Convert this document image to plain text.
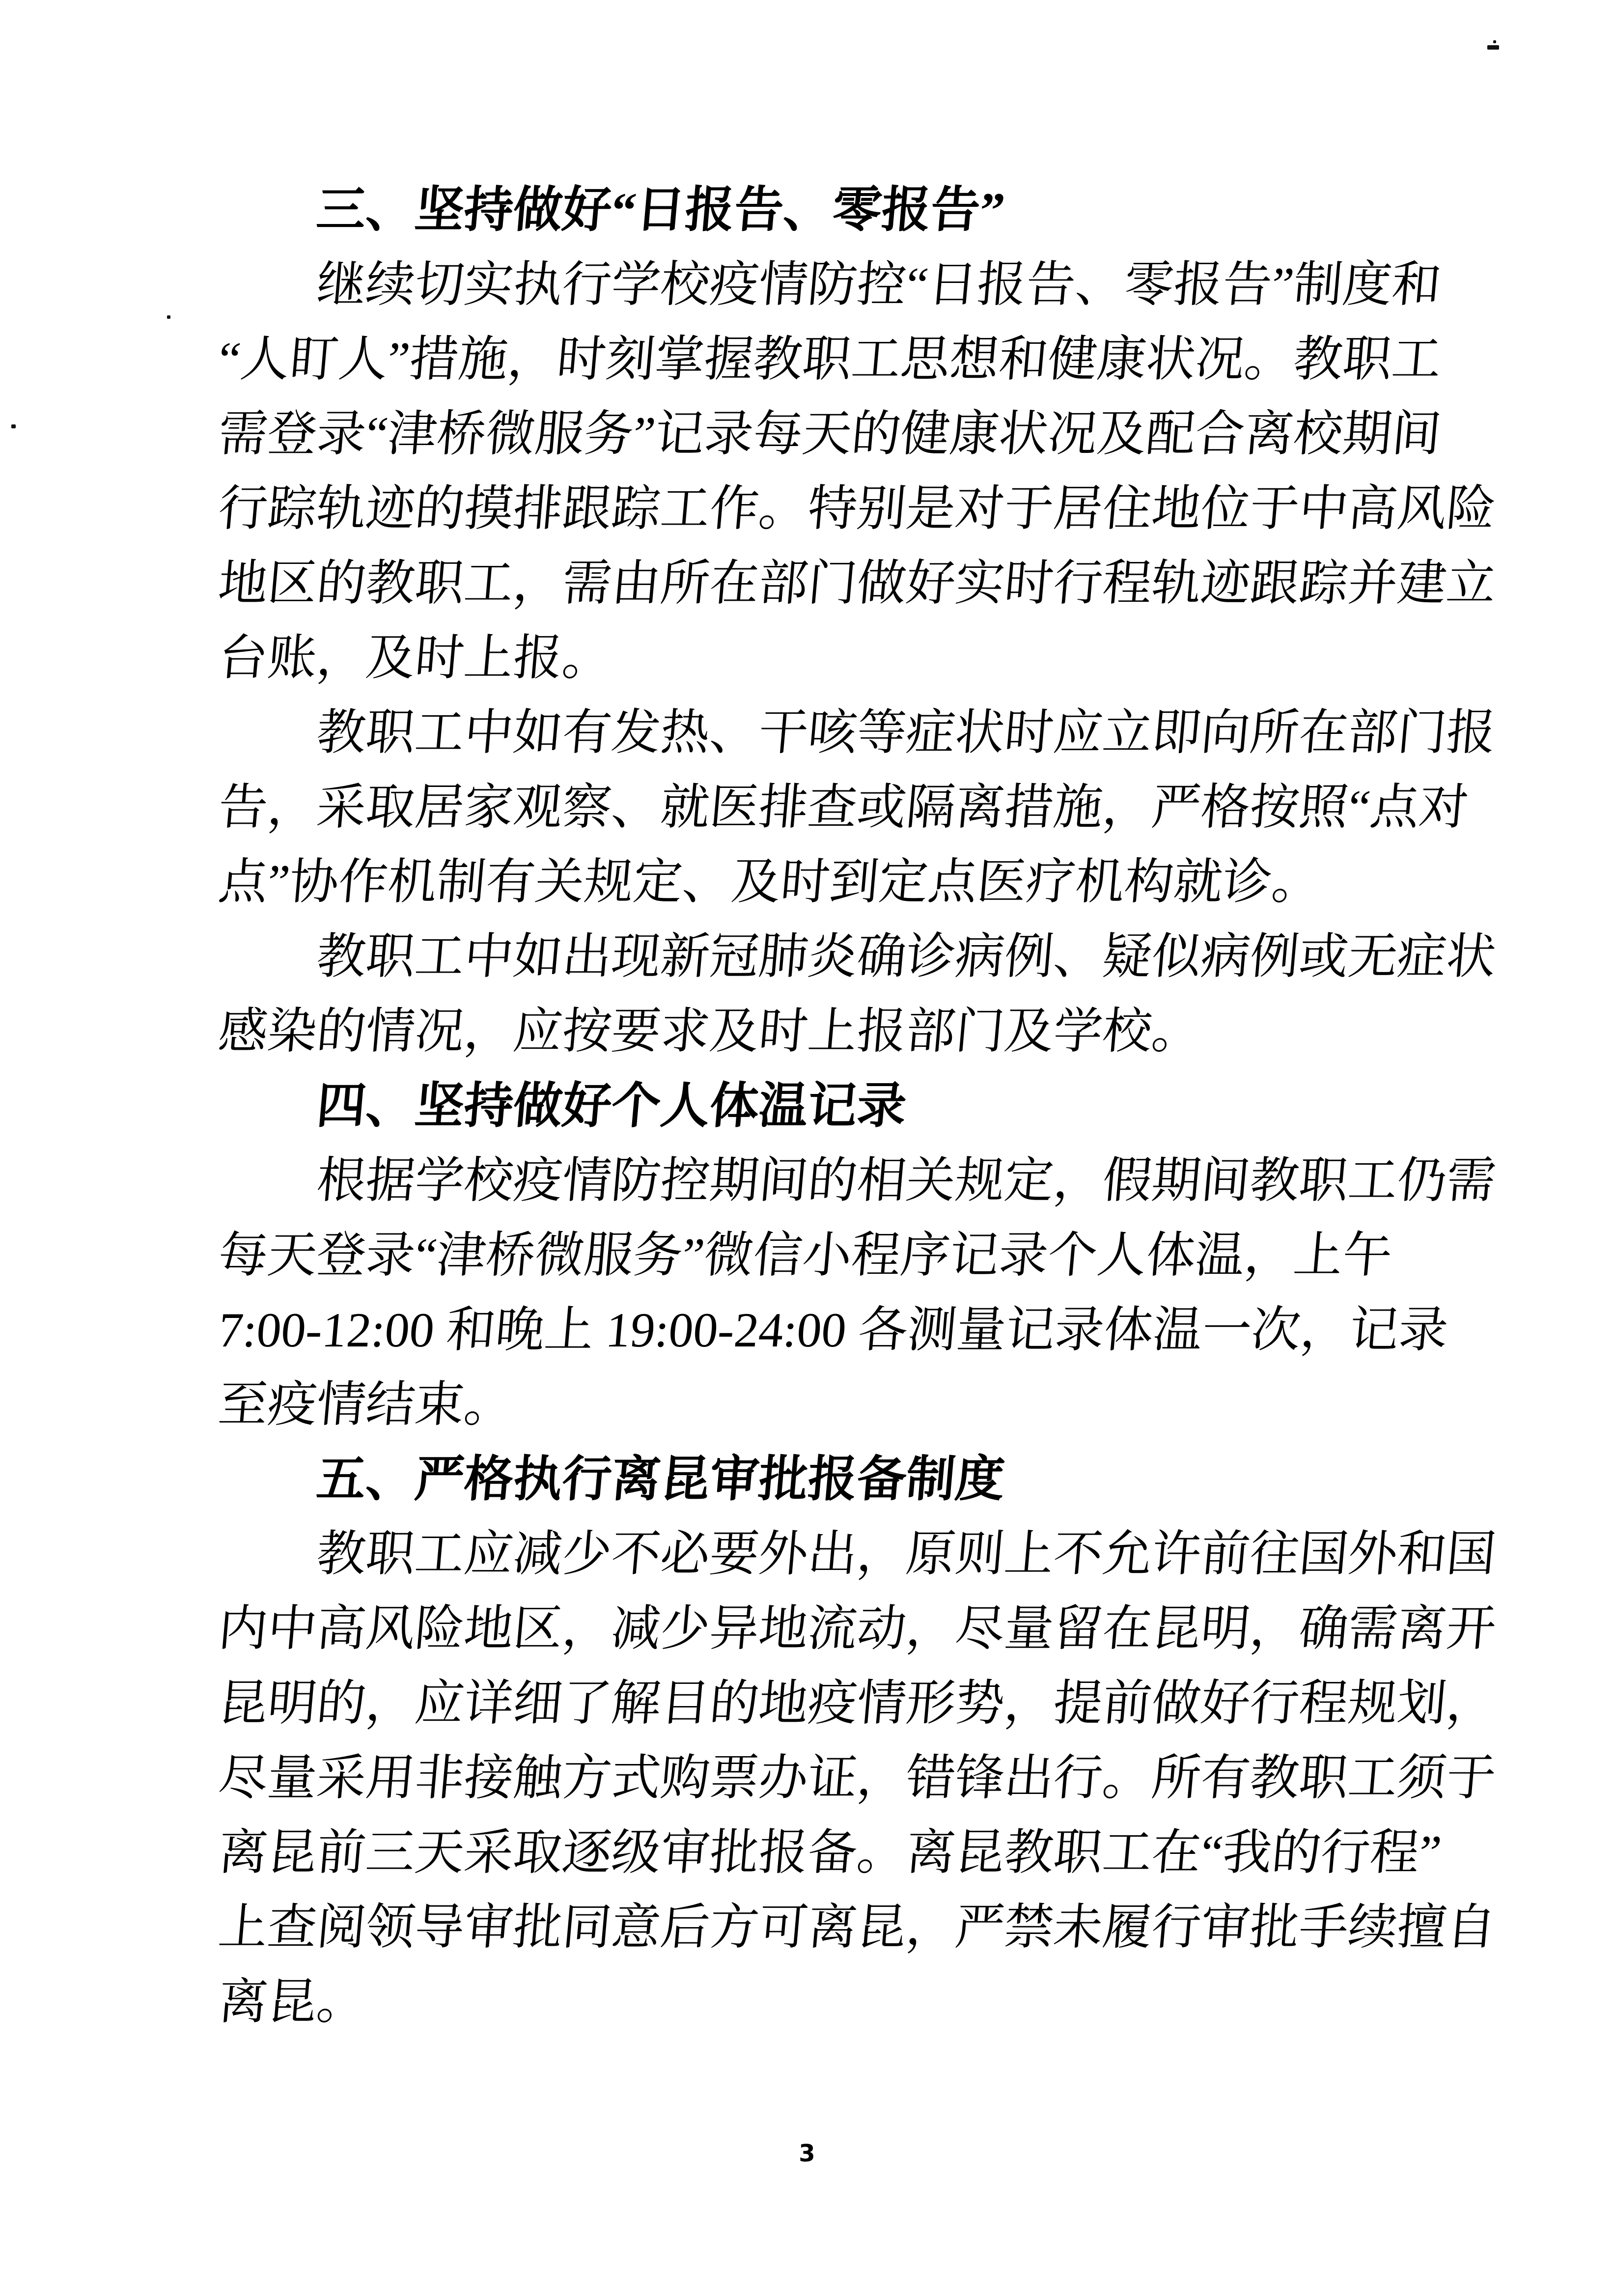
三、坚持做好“日报告、零报告”
继续切实执行学校疫情防控“日报告、零报告”制度和
“人盯人”措施，时刻掌握教职工思想和健康状况。教职工
需登录“津桥微服务”记录每天的健康状况及配合离校期间
行踪轨迹的摸排跟踪工作。特别是对于居住地位于中高风险
地区的教职工，需由所在部门做好实时行程轨迹跟踪并建立
台账，及时上报。
教职工中如有发热、干咳等症状时应立即向所在部门报
告，采取居家观察、就医排查或隔离措施，严格按照“点对
点”协作机制有关规定、及时到定点医疗机构就诊。
教职工中如出现新冠肺炎确诊病例、疑似病例或无症状
感染的情况，应按要求及时上报部门及学校。
四、坚持做好个人体温记录
根据学校疫情防控期间的相关规定，假期间教职工仍需
每天登录“津桥微服务”微信小程序记录个人体温，上午
7:00-12:00 和晚上 19:00-24:00 各测量记录体温一次，记录
至疫情结束。
五、严格执行离昆审批报备制度
教职工应减少不必要外出，原则上不允许前往国外和国
内中高风险地区，减少异地流动，尽量留在昆明，确需离开
昆明的，应详细了解目的地疫情形势，提前做好行程规划，
尽量采用非接触方式购票办证，错锋出行。所有教职工须于
离昆前三天采取逐级审批报备。离昆教职工在“我的行程”
上查阅领导审批同意后方可离昆，严禁未履行审批手续擅自
离昆。
3
